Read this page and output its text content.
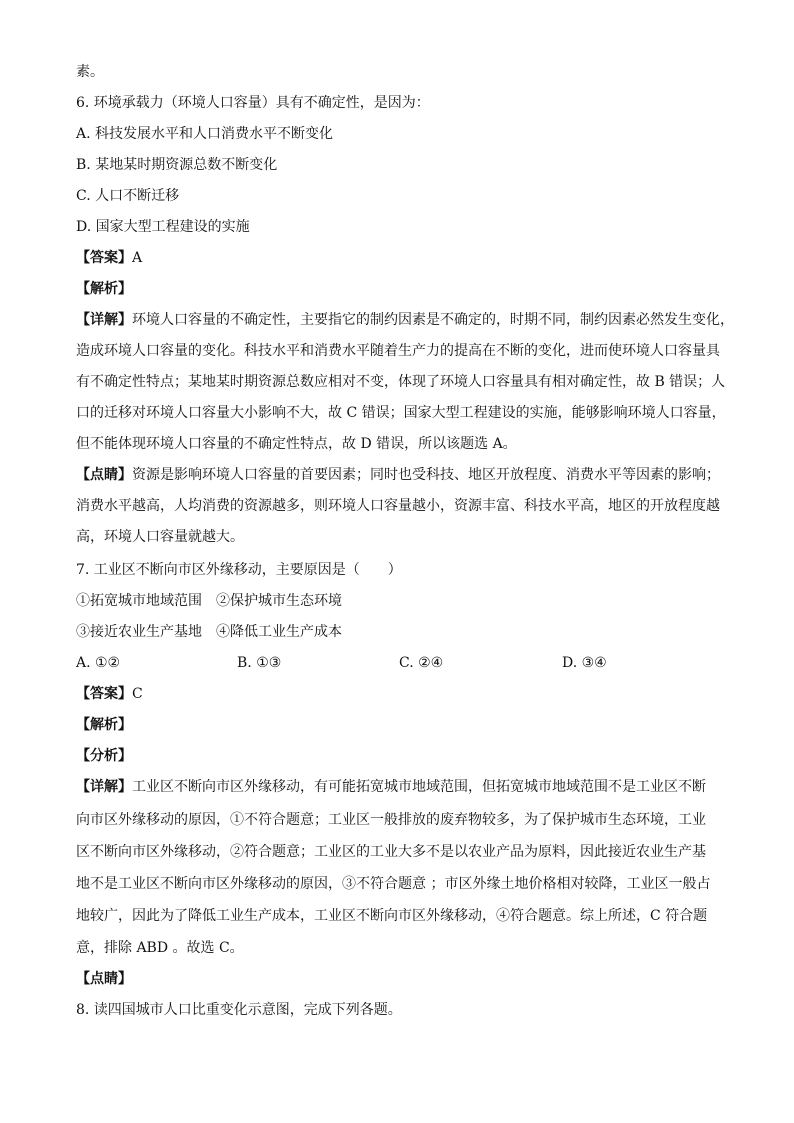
素。
6. 环境承载力（环境人口容量）具有不确定性，是因为：
A. 科技发展水平和人口消费水平不断变化
B. 某地某时期资源总数不断变化
C. 人口不断迁移
D. 国家大型工程建设的实施
【答案】A
【解析】
【详解】环境人口容量的不确定性，主要指它的制约因素是不确定的，时期不同，制约因素必然发生变化，
造成环境人口容量的变化。科技水平和消费水平随着生产力的提高在不断的变化，进而使环境人口容量具
有不确定性特点；某地某时期资源总数应相对不变，体现了环境人口容量具有相对确定性，故 B 错误；人
口的迁移对环境人口容量大小影响不大，故 C 错误；国家大型工程建设的实施，能够影响环境人口容量，
但不能体现环境人口容量的不确定性特点，故 D 错误，所以该题选 A。
【点睛】资源是影响环境人口容量的首要因素；同时也受科技、地区开放程度、消费水平等因素的影响；
消费水平越高，人均消费的资源越多，则环境人口容量越小，资源丰富、科技水平高，地区的开放程度越
高，环境人口容量就越大。
7. 工业区不断向市区外缘移动，主要原因是（　　）
①拓宽城市地域范围　②保护城市生态环境
③接近农业生产基地　④降低工业生产成本
A. ①②	B. ①③	C. ②④	D. ③④
【答案】C
【解析】
【分析】
【详解】工业区不断向市区外缘移动，有可能拓宽城市地域范围，但拓宽城市地域范围不是工业区不断
向市区外缘移动的原因，①不符合题意；工业区一般排放的废弃物较多，为了保护城市生态环境，工业
区不断向市区外缘移动，②符合题意；工业区的工业大多不是以农业产品为原料，因此接近农业生产基
地不是工业区不断向市区外缘移动的原因，③不符合题意 ；市区外缘土地价格相对较降，工业区一般占
地较广，因此为了降低工业生产成本，工业区不断向市区外缘移动，④符合题意。综上所述，C 符合题
意，排除 ABD 。故选 C。
【点睛】
8. 读四国城市人口比重变化示意图，完成下列各题。
